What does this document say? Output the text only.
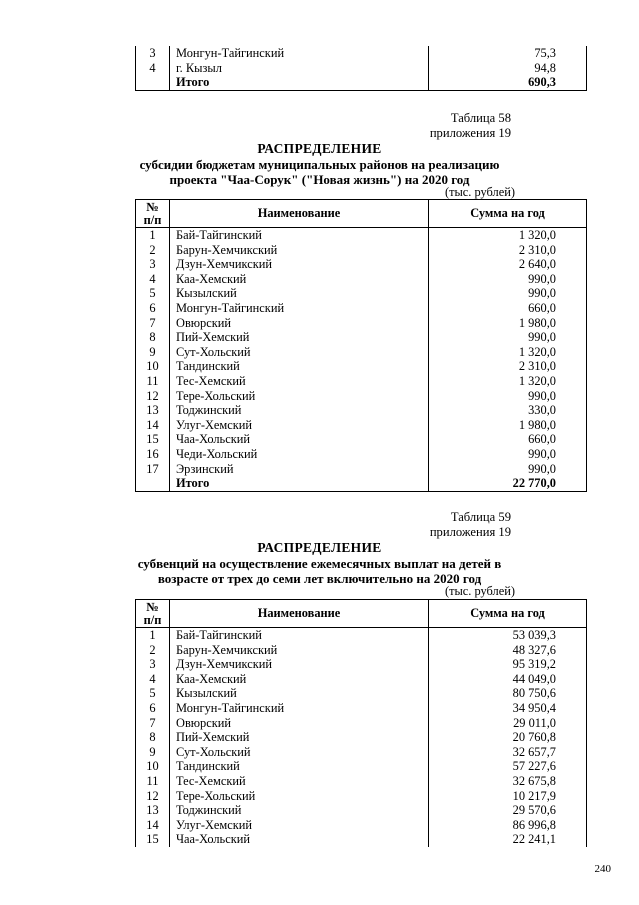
3	Монгун-Тайгинский	75,3
4	г. Кызыл	94,8
	Итого	690,3
Таблица 58
приложения 19
РАСПРЕДЕЛЕНИЕ
субсидии бюджетам муниципальных районов на реализацию
проекта "Чаа-Сорук" ("Новая жизнь") на 2020 год
(тыс. рублей)
№
п/п	Наименование	Сумма на год
1	Бай-Тайгинский	1 320,0
2	Барун-Хемчикский	2 310,0
3	Дзун-Хемчикский	2 640,0
4	Каа-Хемский	990,0
5	Кызылский	990,0
6	Монгун-Тайгинский	660,0
7	Овюрский	1 980,0
8	Пий-Хемский	990,0
9	Сут-Хольский	1 320,0
10	Тандинский	2 310,0
11	Тес-Хемский	1 320,0
12	Тере-Хольский	990,0
13	Тоджинский	330,0
14	Улуг-Хемский	1 980,0
15	Чаа-Хольский	660,0
16	Чеди-Хольский	990,0
17	Эрзинский	990,0
	Итого	22 770,0
Таблица 59
приложения 19
РАСПРЕДЕЛЕНИЕ
субвенций на осуществление ежемесячных выплат на детей в
возрасте от трех до семи лет включительно на 2020 год
(тыс. рублей)
№
п/п	Наименование	Сумма на год
1	Бай-Тайгинский	53 039,3
2	Барун-Хемчикский	48 327,6
3	Дзун-Хемчикский	95 319,2
4	Каа-Хемский	44 049,0
5	Кызылский	80 750,6
6	Монгун-Тайгинский	34 950,4
7	Овюрский	29 011,0
8	Пий-Хемский	20 760,8
9	Сут-Хольский	32 657,7
10	Тандинский	57 227,6
11	Тес-Хемский	32 675,8
12	Тере-Хольский	10 217,9
13	Тоджинский	29 570,6
14	Улуг-Хемский	86 996,8
15	Чаа-Хольский	22 241,1
240
